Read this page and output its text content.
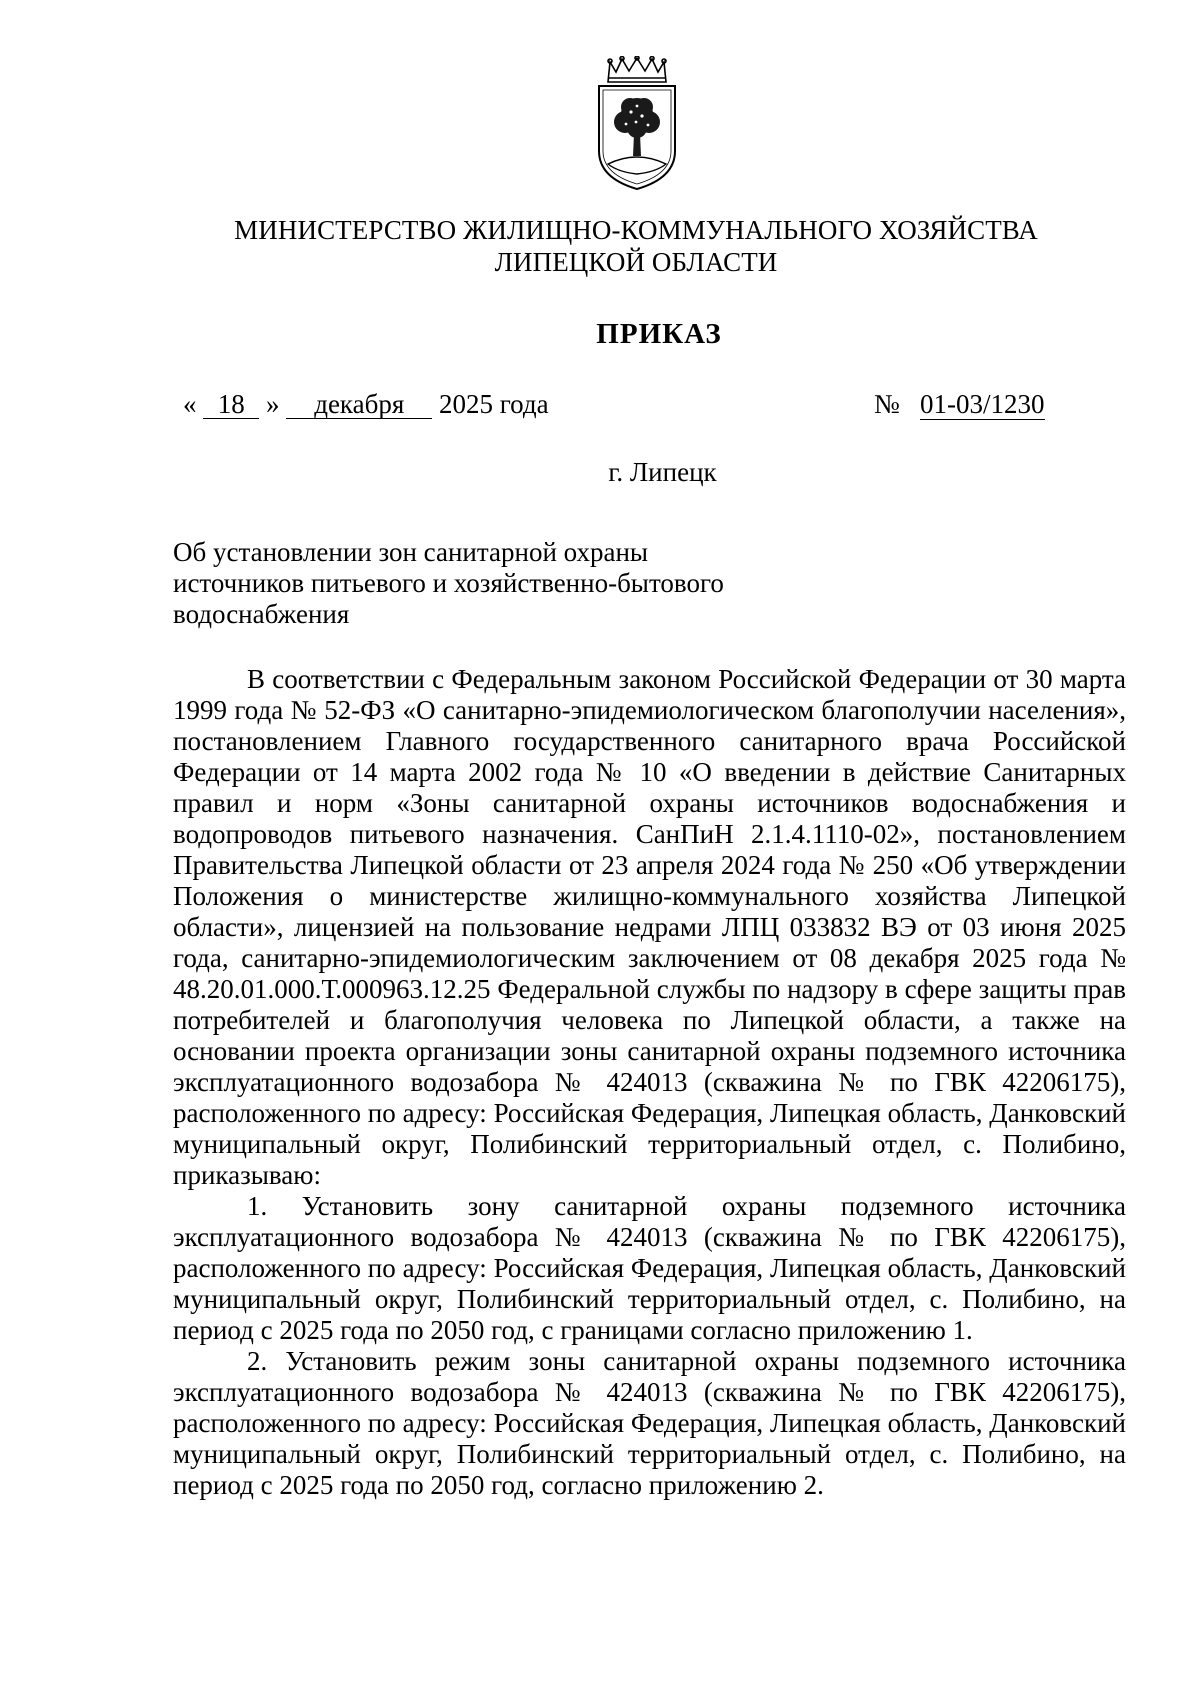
МИНИСТЕРСТВО ЖИЛИЩНО-КОММУНАЛЬНОГО ХОЗЯЙСТВА
ЛИПЕЦКОЙ ОБЛАСТИ
ПРИКАЗ
« 18 » декабря 2025 года	№ 01-03/1230
г. Липецк
Об установлении зон санитарной охраны
источников питьевого и хозяйственно-бытового
водоснабжения

В соответствии с Федеральным законом Российской Федерации от 30 марта 1999 года № 52-ФЗ «О санитарно-эпидемиологическом благополучии населения», постановлением Главного государственного санитарного врача Российской Федерации от 14 марта 2002 года № 10 «О введении в действие Санитарных правил и норм «Зоны санитарной охраны источников водоснабжения и водопроводов питьевого назначения. СанПиН 2.1.4.1110-02», постановлением Правительства Липецкой области от 23 апреля 2024 года № 250 «Об утверждении Положения о министерстве жилищно-коммунального хозяйства Липецкой области», лицензией на пользование недрами ЛПЦ 033832 ВЭ от 03 июня 2025 года, санитарно-эпидемиологическим заключением от 08 декабря 2025 года № 48.20.01.000.Т.000963.12.25 Федеральной службы по надзору в сфере защиты прав потребителей и благополучия человека по Липецкой области, а также на основании проекта организации зоны санитарной охраны подземного источника эксплуатационного водозабора № 424013 (скважина № по ГВК 42206175), расположенного по адресу: Российская Федерация, Липецкая область, Данковский муниципальный округ, Полибинский территориальный отдел, с. Полибино, приказываю:

1. Установить зону санитарной охраны подземного источника эксплуатационного водозабора № 424013 (скважина № по ГВК 42206175), расположенного по адресу: Российская Федерация, Липецкая область, Данковский муниципальный округ, Полибинский территориальный отдел, с. Полибино, на период с 2025 года по 2050 год, с границами согласно приложению 1.

2. Установить режим зоны санитарной охраны подземного источника эксплуатационного водозабора № 424013 (скважина № по ГВК 42206175), расположенного по адресу: Российская Федерация, Липецкая область, Данковский муниципальный округ, Полибинский территориальный отдел, с. Полибино, на период с 2025 года по 2050 год, согласно приложению 2.
